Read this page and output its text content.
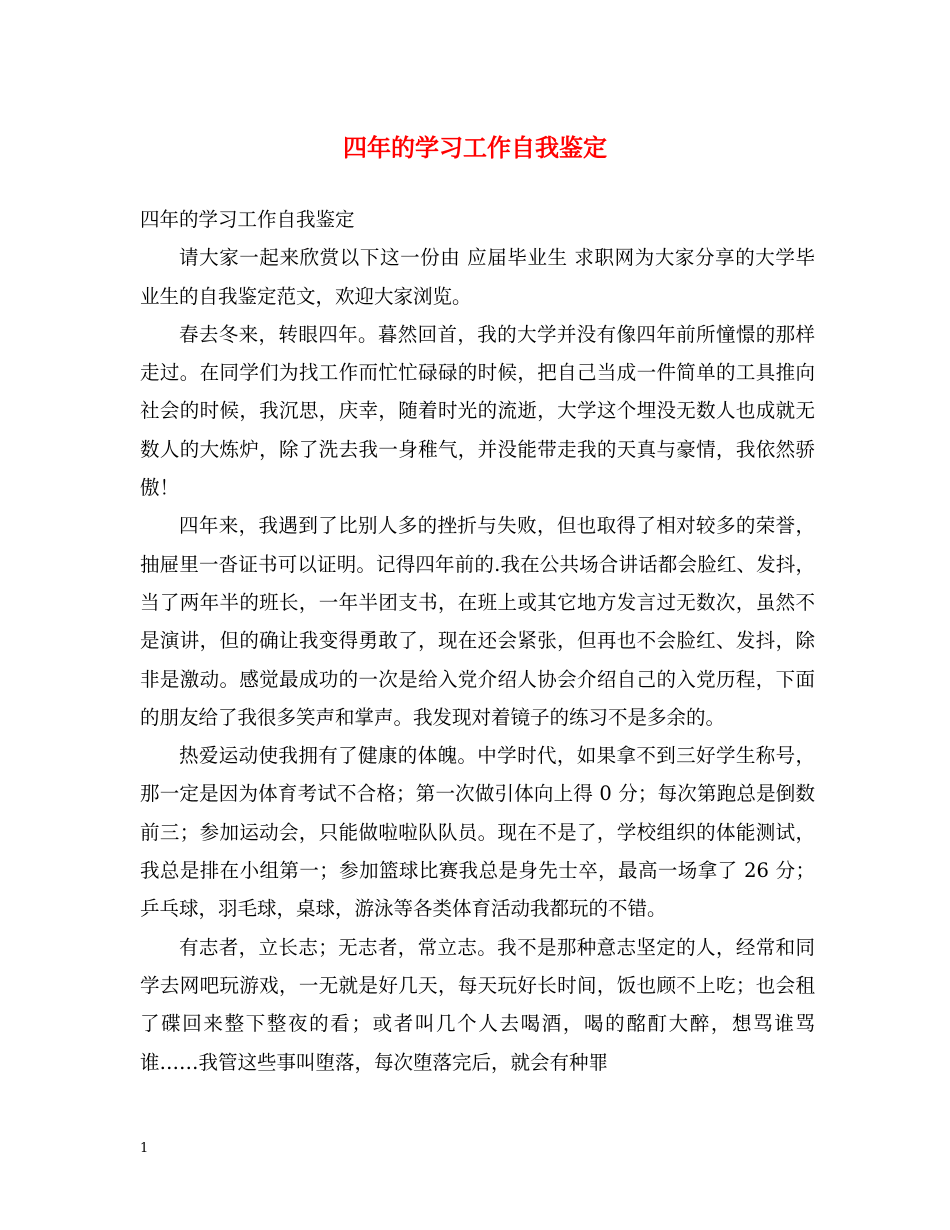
四年的学习工作自我鉴定

四年的学习工作自我鉴定

请大家一起来欣赏以下这一份由 应届毕业生 求职网为大家分享的大学毕业生的自我鉴定范文，欢迎大家浏览。

春去冬来，转眼四年。暮然回首，我的大学并没有像四年前所憧憬的那样走过。在同学们为找工作而忙忙碌碌的时候，把自己当成一件简单的工具推向社会的时候，我沉思，庆幸，随着时光的流逝，大学这个埋没无数人也成就无数人的大炼炉，除了洗去我一身稚气，并没能带走我的天真与豪情，我依然骄傲！

四年来，我遇到了比别人多的挫折与失败，但也取得了相对较多的荣誉，抽屉里一沓证书可以证明。记得四年前的.我在公共场合讲话都会脸红、发抖，当了两年半的班长，一年半团支书，在班上或其它地方发言过无数次，虽然不是演讲，但的确让我变得勇敢了，现在还会紧张，但再也不会脸红、发抖，除非是激动。感觉最成功的一次是给入党介绍人协会介绍自己的入党历程，下面的朋友给了我很多笑声和掌声。我发现对着镜子的练习不是多余的。

热爱运动使我拥有了健康的体魄。中学时代，如果拿不到三好学生称号，那一定是因为体育考试不合格；第一次做引体向上得 0 分；每次第跑总是倒数前三；参加运动会，只能做啦啦队队员。现在不是了，学校组织的体能测试，我总是排在小组第一；参加篮球比赛我总是身先士卒，最高一场拿了 26 分；乒乓球，羽毛球，桌球，游泳等各类体育活动我都玩的不错。

有志者，立长志；无志者，常立志。我不是那种意志坚定的人，经常和同学去网吧玩游戏，一无就是好几天，每天玩好长时间，饭也顾不上吃；也会租了碟回来整下整夜的看；或者叫几个人去喝酒，喝的酩酊大醉，想骂谁骂谁……我管这些事叫堕落，每次堕落完后，就会有种罪

1
